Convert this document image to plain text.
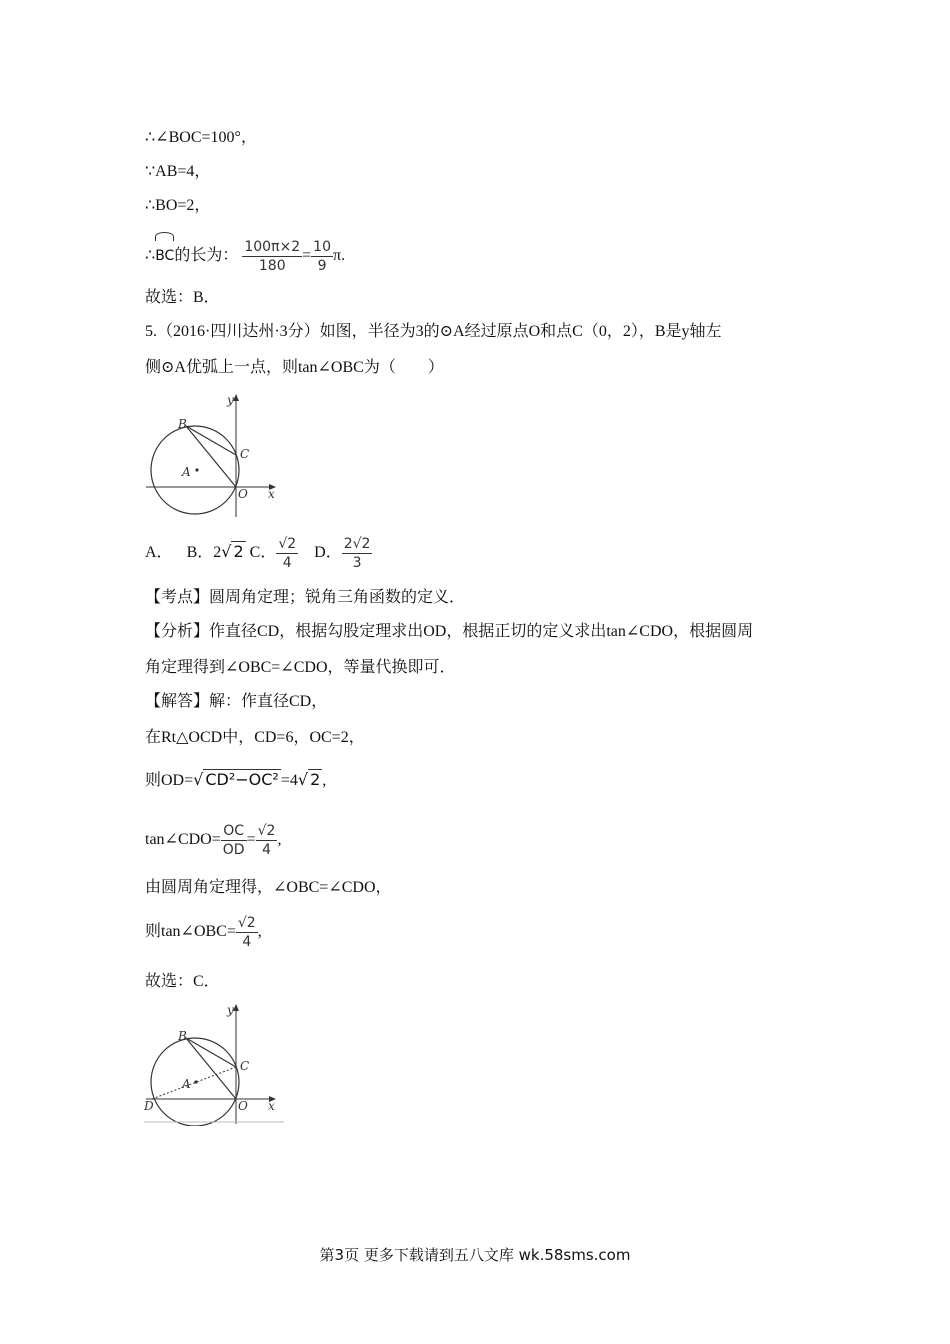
∴∠BOC=100°，
∵AB=4，
∴BO=2，
∴BC的长为： $\frac{100\pi\times 2}{180} = \frac{10}{9} \pi$.
故选：B．
5.（2016·四川达州·3分）如图，半径为3的⊙A经过原点O和点C（0，2），B是y轴左
侧⊙A优弧上一点，则tan∠OBC为（　　）
y
x
B
C
A
O
A． B．2√ 2 C． $\frac{√2}{4}$ D． $\frac{2√2}{3}$
【考点】圆周角定理；锐角三角函数的定义．
【分析】作直径CD，根据勾股定理求出OD，根据正切的定义求出tan∠CDO，根据圆周
角定理得到∠OBC=∠CDO，等量代换即可．
【解答】解：作直径CD，
在Rt△OCD中，CD=6，OC=2，
则OD=√ CD²−OC² =4√ 2 ,
tan∠CDO= $\frac{OC}{OD} = \frac{√2}{4}$ ,
由圆周角定理得，∠OBC=∠CDO，
则tan∠OBC= $\frac{√2}{4}$ ,
故选：C．
y
x
B
C
A
O
D
第3页 更多下载请到五八文库 wk.58sms.com
